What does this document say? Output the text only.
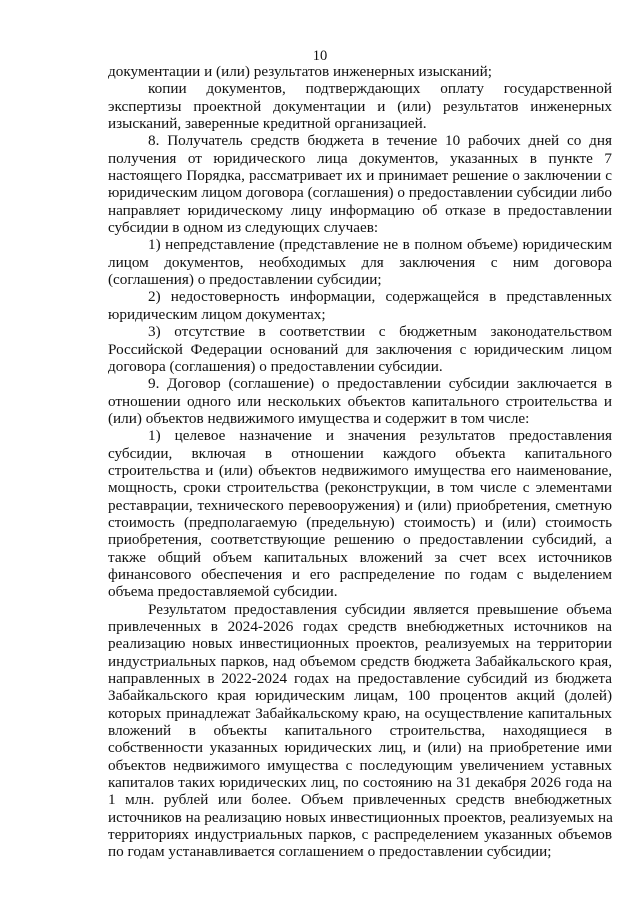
10
документации и (или) результатов инженерных изысканий;
копии документов, подтверждающих оплату государственной
экспертизы проектной документации и (или) результатов инженерных
изысканий, заверенные кредитной организацией.
8. Получатель средств бюджета в течение 10 рабочих дней со дня
получения от юридического лица документов, указанных в пункте 7
настоящего Порядка, рассматривает их и принимает решение о заключении с
юридическим лицом договора (соглашения) о предоставлении субсидии либо
направляет юридическому лицу информацию об отказе в предоставлении
субсидии в одном из следующих случаев:
1) непредставление (представление не в полном объеме) юридическим
лицом документов, необходимых для заключения с ним договора
(соглашения) о предоставлении субсидии;
2) недостоверность информации, содержащейся в представленных
юридическим лицом документах;
3) отсутствие в соответствии с бюджетным законодательством
Российской Федерации оснований для заключения с юридическим лицом
договора (соглашения) о предоставлении субсидии.
9. Договор (соглашение) о предоставлении субсидии заключается в
отношении одного или нескольких объектов капитального строительства и
(или) объектов недвижимого имущества и содержит в том числе:
1) целевое назначение и значения результатов предоставления
субсидии, включая в отношении каждого объекта капитального
строительства и (или) объектов недвижимого имущества его наименование,
мощность, сроки строительства (реконструкции, в том числе с элементами
реставрации, технического перевооружения) и (или) приобретения, сметную
стоимость (предполагаемую (предельную) стоимость) и (или) стоимость
приобретения, соответствующие решению о предоставлении субсидий, а
также общий объем капитальных вложений за счет всех источников
финансового обеспечения и его распределение по годам с выделением
объема предоставляемой субсидии.
Результатом предоставления субсидии является превышение объема
привлеченных в 2024-2026 годах средств внебюджетных источников на
реализацию новых инвестиционных проектов, реализуемых на территории
индустриальных парков, над объемом средств бюджета Забайкальского края,
направленных в 2022-2024 годах на предоставление субсидий из бюджета
Забайкальского края юридическим лицам, 100 процентов акций (долей)
которых принадлежат Забайкальскому краю, на осуществление капитальных
вложений в объекты капитального строительства, находящиеся в
собственности указанных юридических лиц, и (или) на приобретение ими
объектов недвижимого имущества с последующим увеличением уставных
капиталов таких юридических лиц, по состоянию на 31 декабря 2026 года на
1 млн. рублей или более. Объем привлеченных средств внебюджетных
источников на реализацию новых инвестиционных проектов, реализуемых на
территориях индустриальных парков, с распределением указанных объемов
по годам устанавливается соглашением о предоставлении субсидии;
